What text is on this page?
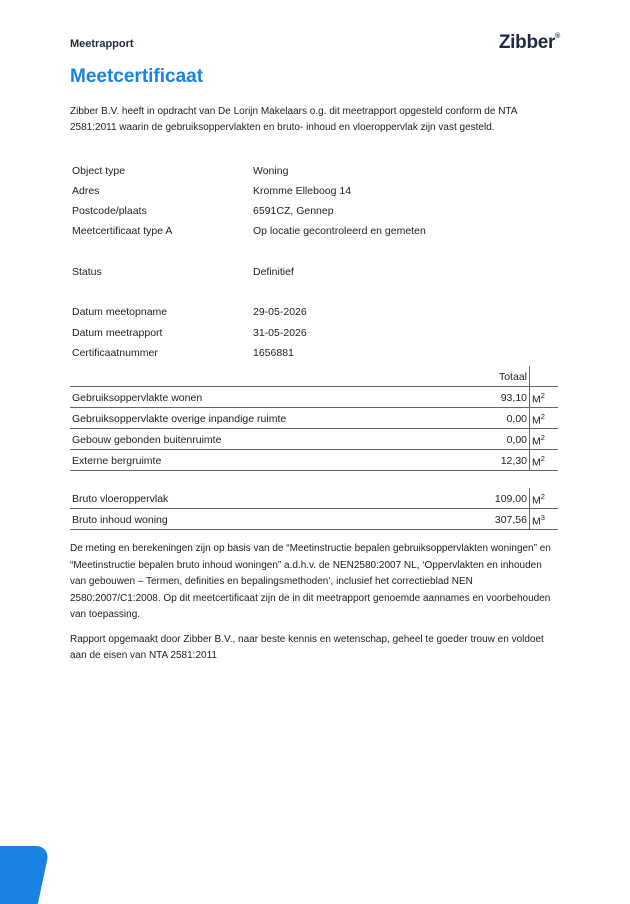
Meetrapport	Zibber®
Meetcertificaat
Zibber B.V. heeft in opdracht van De Lorijn Makelaars o.g. dit meetrapport opgesteld conform de NTA 2581:2011 waarin de gebruiksoppervlakten en bruto- inhoud en vloeroppervlak zijn vast gesteld.
Object type	Woning
Adres	Kromme Elleboog 14
Postcode/plaats	6591CZ, Gennep
Meetcertificaat type A	Op locatie gecontroleerd en gemeten
Status	Definitief
Datum meetopname	29-05-2026
Datum meetrapport	31-05-2026
Certificaatnummer	1656881
Totaal
Gebruiksoppervlakte wonen	93,10 $M^2$
Gebruiksoppervlakte overige inpandige ruimte	0,00 $M^2$
Gebouw gebonden buitenruimte	0,00 $M^2$
Externe bergruimte	12,30 $M^2$
Bruto vloeroppervlak	109,00 $M^2$
Bruto inhoud woning	307,56 $M^3$

De meting en berekeningen zijn op basis van de “Meetinstructie bepalen gebruiksoppervlakten woningen” en “Meetinstructie bepalen bruto inhoud woningen” a.d.h.v. de NEN2580:2007 NL, ‘Oppervlakten en inhouden van gebouwen – Termen, definities en bepalingsmethoden’, inclusief het correctieblad NEN 2580:2007/C1:2008. Op dit meetcertificaat zijn de in dit meetrapport genoemde aannames en voorbehouden van toepassing.

Rapport opgemaakt door Zibber B.V., naar beste kennis en wetenschap, geheel te goeder trouw en voldoet aan de eisen van NTA 2581:2011
